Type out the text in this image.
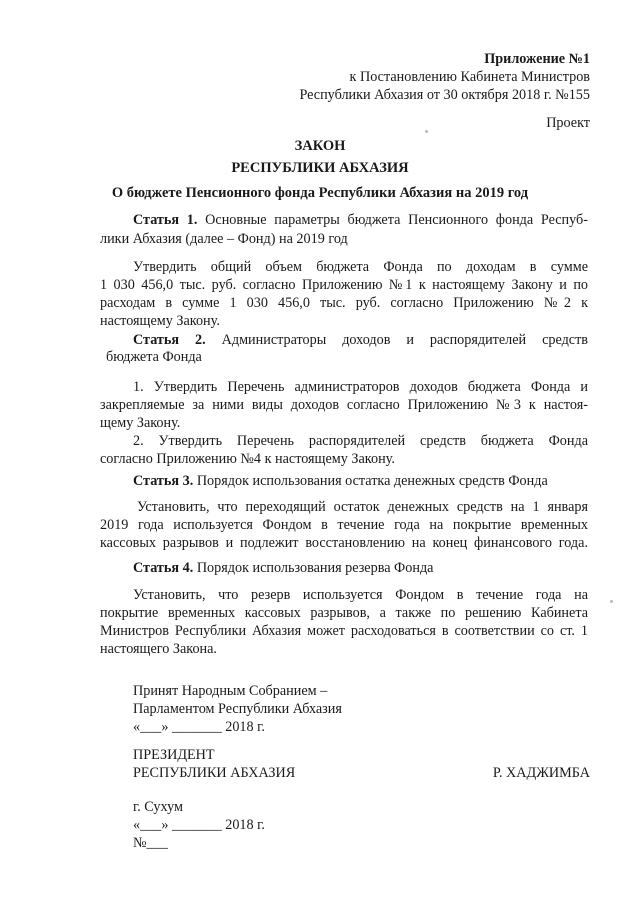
Приложение №1
к Постановлению Кабинета Министров
Республики Абхазия от 30 октября 2018 г. №155
Проект
ЗАКОН
РЕСПУБЛИКИ АБХАЗИЯ
О бюджете Пенсионного фонда Республики Абхазия на 2019 год
Статья 1. Основные параметры бюджета Пенсионного фонда Респуб-
лики Абхазия (далее – Фонд) на 2019 год
Утвердить общий объем бюджета Фонда по доходам в сумме
1 030 456,0 тыс. руб. согласно Приложению №1 к настоящему Закону и по
расходам в сумме 1 030 456,0 тыс. руб. согласно Приложению №2 к
настоящему Закону.
Статья 2. Администраторы доходов и распорядителей средств
бюджета Фонда
1. Утвердить Перечень администраторов доходов бюджета Фонда и
закрепляемые за ними виды доходов согласно Приложению №3 к настоя-
щему Закону.
2. Утвердить Перечень распорядителей средств бюджета Фонда
согласно Приложению №4 к настоящему Закону.
Статья 3. Порядок использования остатка денежных средств Фонда
Установить, что переходящий остаток денежных средств на 1 января
2019 года используется Фондом в течение года на покрытие временных
кассовых разрывов и подлежит восстановлению на конец финансового года.
Статья 4. Порядок использования резерва Фонда
Установить, что резерв используется Фондом в течение года на
покрытие временных кассовых разрывов, а также по решению Кабинета
Министров Республики Абхазия может расходоваться в соответствии со ст. 1
настоящего Закона.
Принят Народным Собранием –
Парламентом Республики Абхазия
«___» _______ 2018 г.
ПРЕЗИДЕНТ
РЕСПУБЛИКИ АБХАЗИЯ	Р. ХАДЖИМБА
г. Сухум
«___» _______ 2018 г.
№___
